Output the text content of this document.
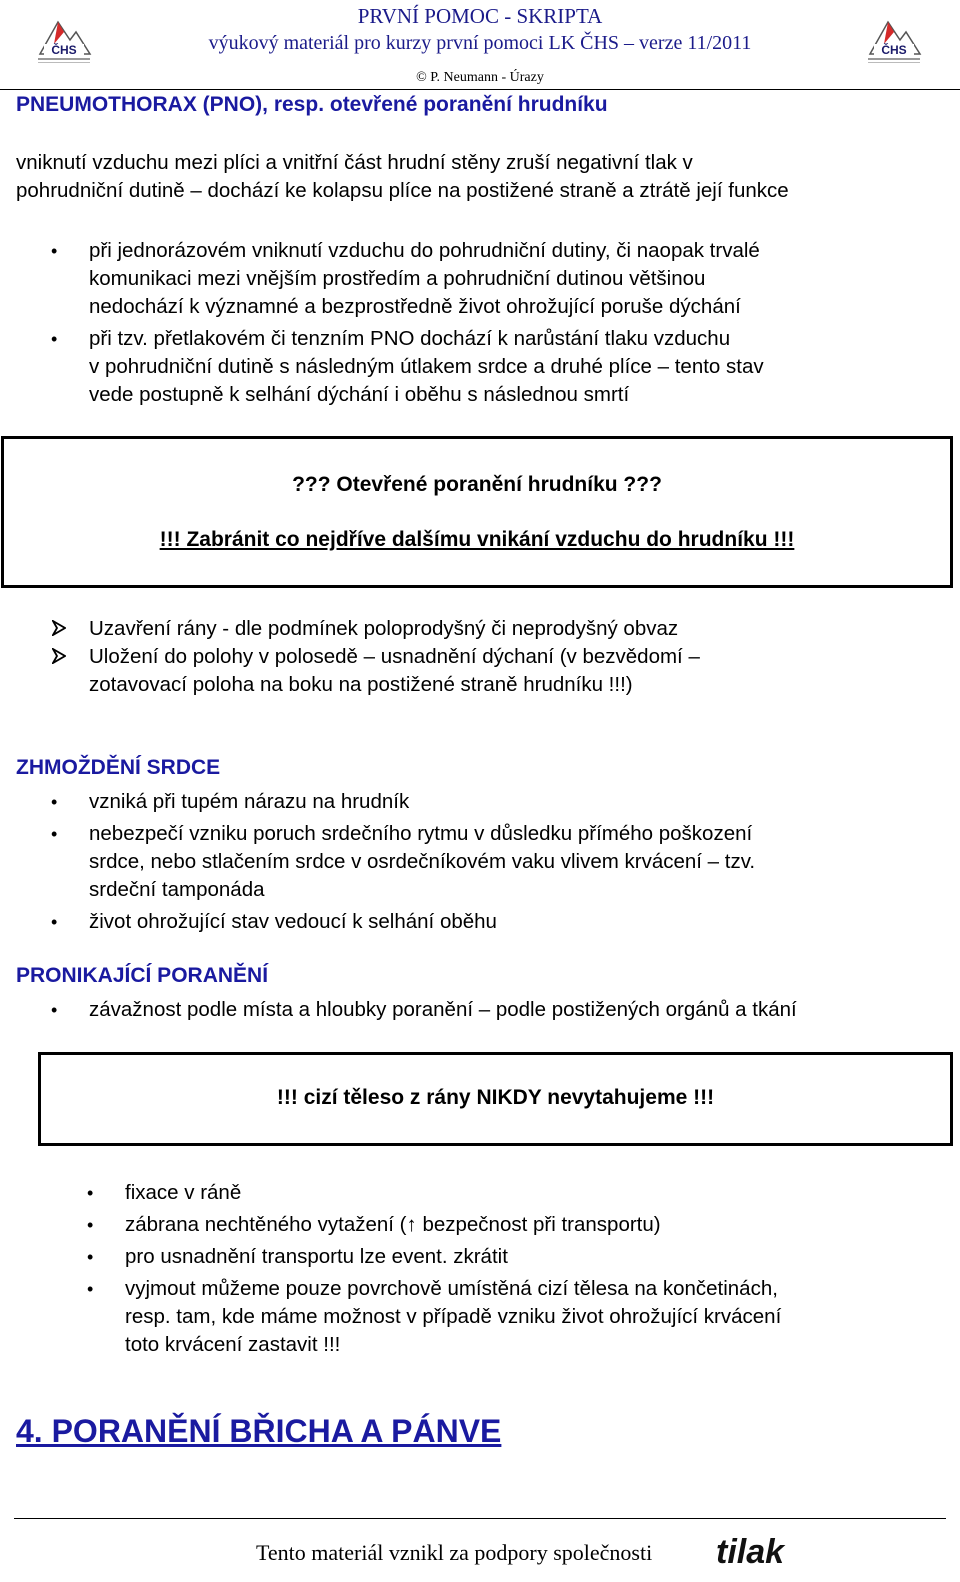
ČHS	ČHS
PRVNÍ POMOC - SKRIPTA
výukový materiál pro kurzy první pomoci LK ČHS – verze 11/2011
© P. Neumann - Úrazy
PNEUMOTHORAX (PNO), resp. otevřené poranění hrudníku
vniknutí vzduchu mezi plíci a vnitřní část hrudní stěny zruší negativní tlak v
pohrudniční dutině – dochází ke kolapsu plíce na postižené straně a ztrátě její funkce
• při jednorázovém vniknutí vzduchu do pohrudniční dutiny, či naopak trvalé
komunikaci mezi vnějším prostředím a pohrudniční dutinou většinou
nedochází k významné a bezprostředně život ohrožující poruše dýchání
• při tzv. přetlakovém či tenzním PNO dochází k narůstání tlaku vzduchu
v pohrudniční dutině s následným útlakem srdce a druhé plíce – tento stav
vede postupně k selhání dýchání i oběhu s následnou smrtí
??? Otevřené poranění hrudníku ???
!!! Zabránit co nejdříve dalšímu vnikání vzduchu do hrudníku !!!
Uzavření rány - dle podmínek poloprodyšný či neprodyšný obvaz
Uložení do polohy v polosedě – usnadnění dýchaní (v bezvědomí –
zotavovací poloha na boku na postižené straně hrudníku !!!)
ZHMOŽDĚNÍ SRDCE
• vzniká při tupém nárazu na hrudník
• nebezpečí vzniku poruch srdečního rytmu v důsledku přímého poškození
srdce, nebo stlačením srdce v osrdečníkovém vaku vlivem krvácení – tzv.
srdeční tamponáda
• život ohrožující stav vedoucí k selhání oběhu
PRONIKAJÍCÍ PORANĚNÍ
• závažnost podle místa a hloubky poranění – podle postižených orgánů a tkání
!!! cizí těleso z rány NIKDY nevytahujeme !!!
• fixace v ráně
• zábrana nechtěného vytažení (↑ bezpečnost při transportu)
• pro usnadnění transportu lze event. zkrátit
• vyjmout můžeme pouze povrchově umístěná cizí tělesa na končetinách,
resp. tam, kde máme možnost v případě vzniku život ohrožující krvácení
toto krvácení zastavit !!!
4. PORANĚNÍ BŘICHA A PÁNVE
Tento materiál vznikl za podpory společnosti tilak
